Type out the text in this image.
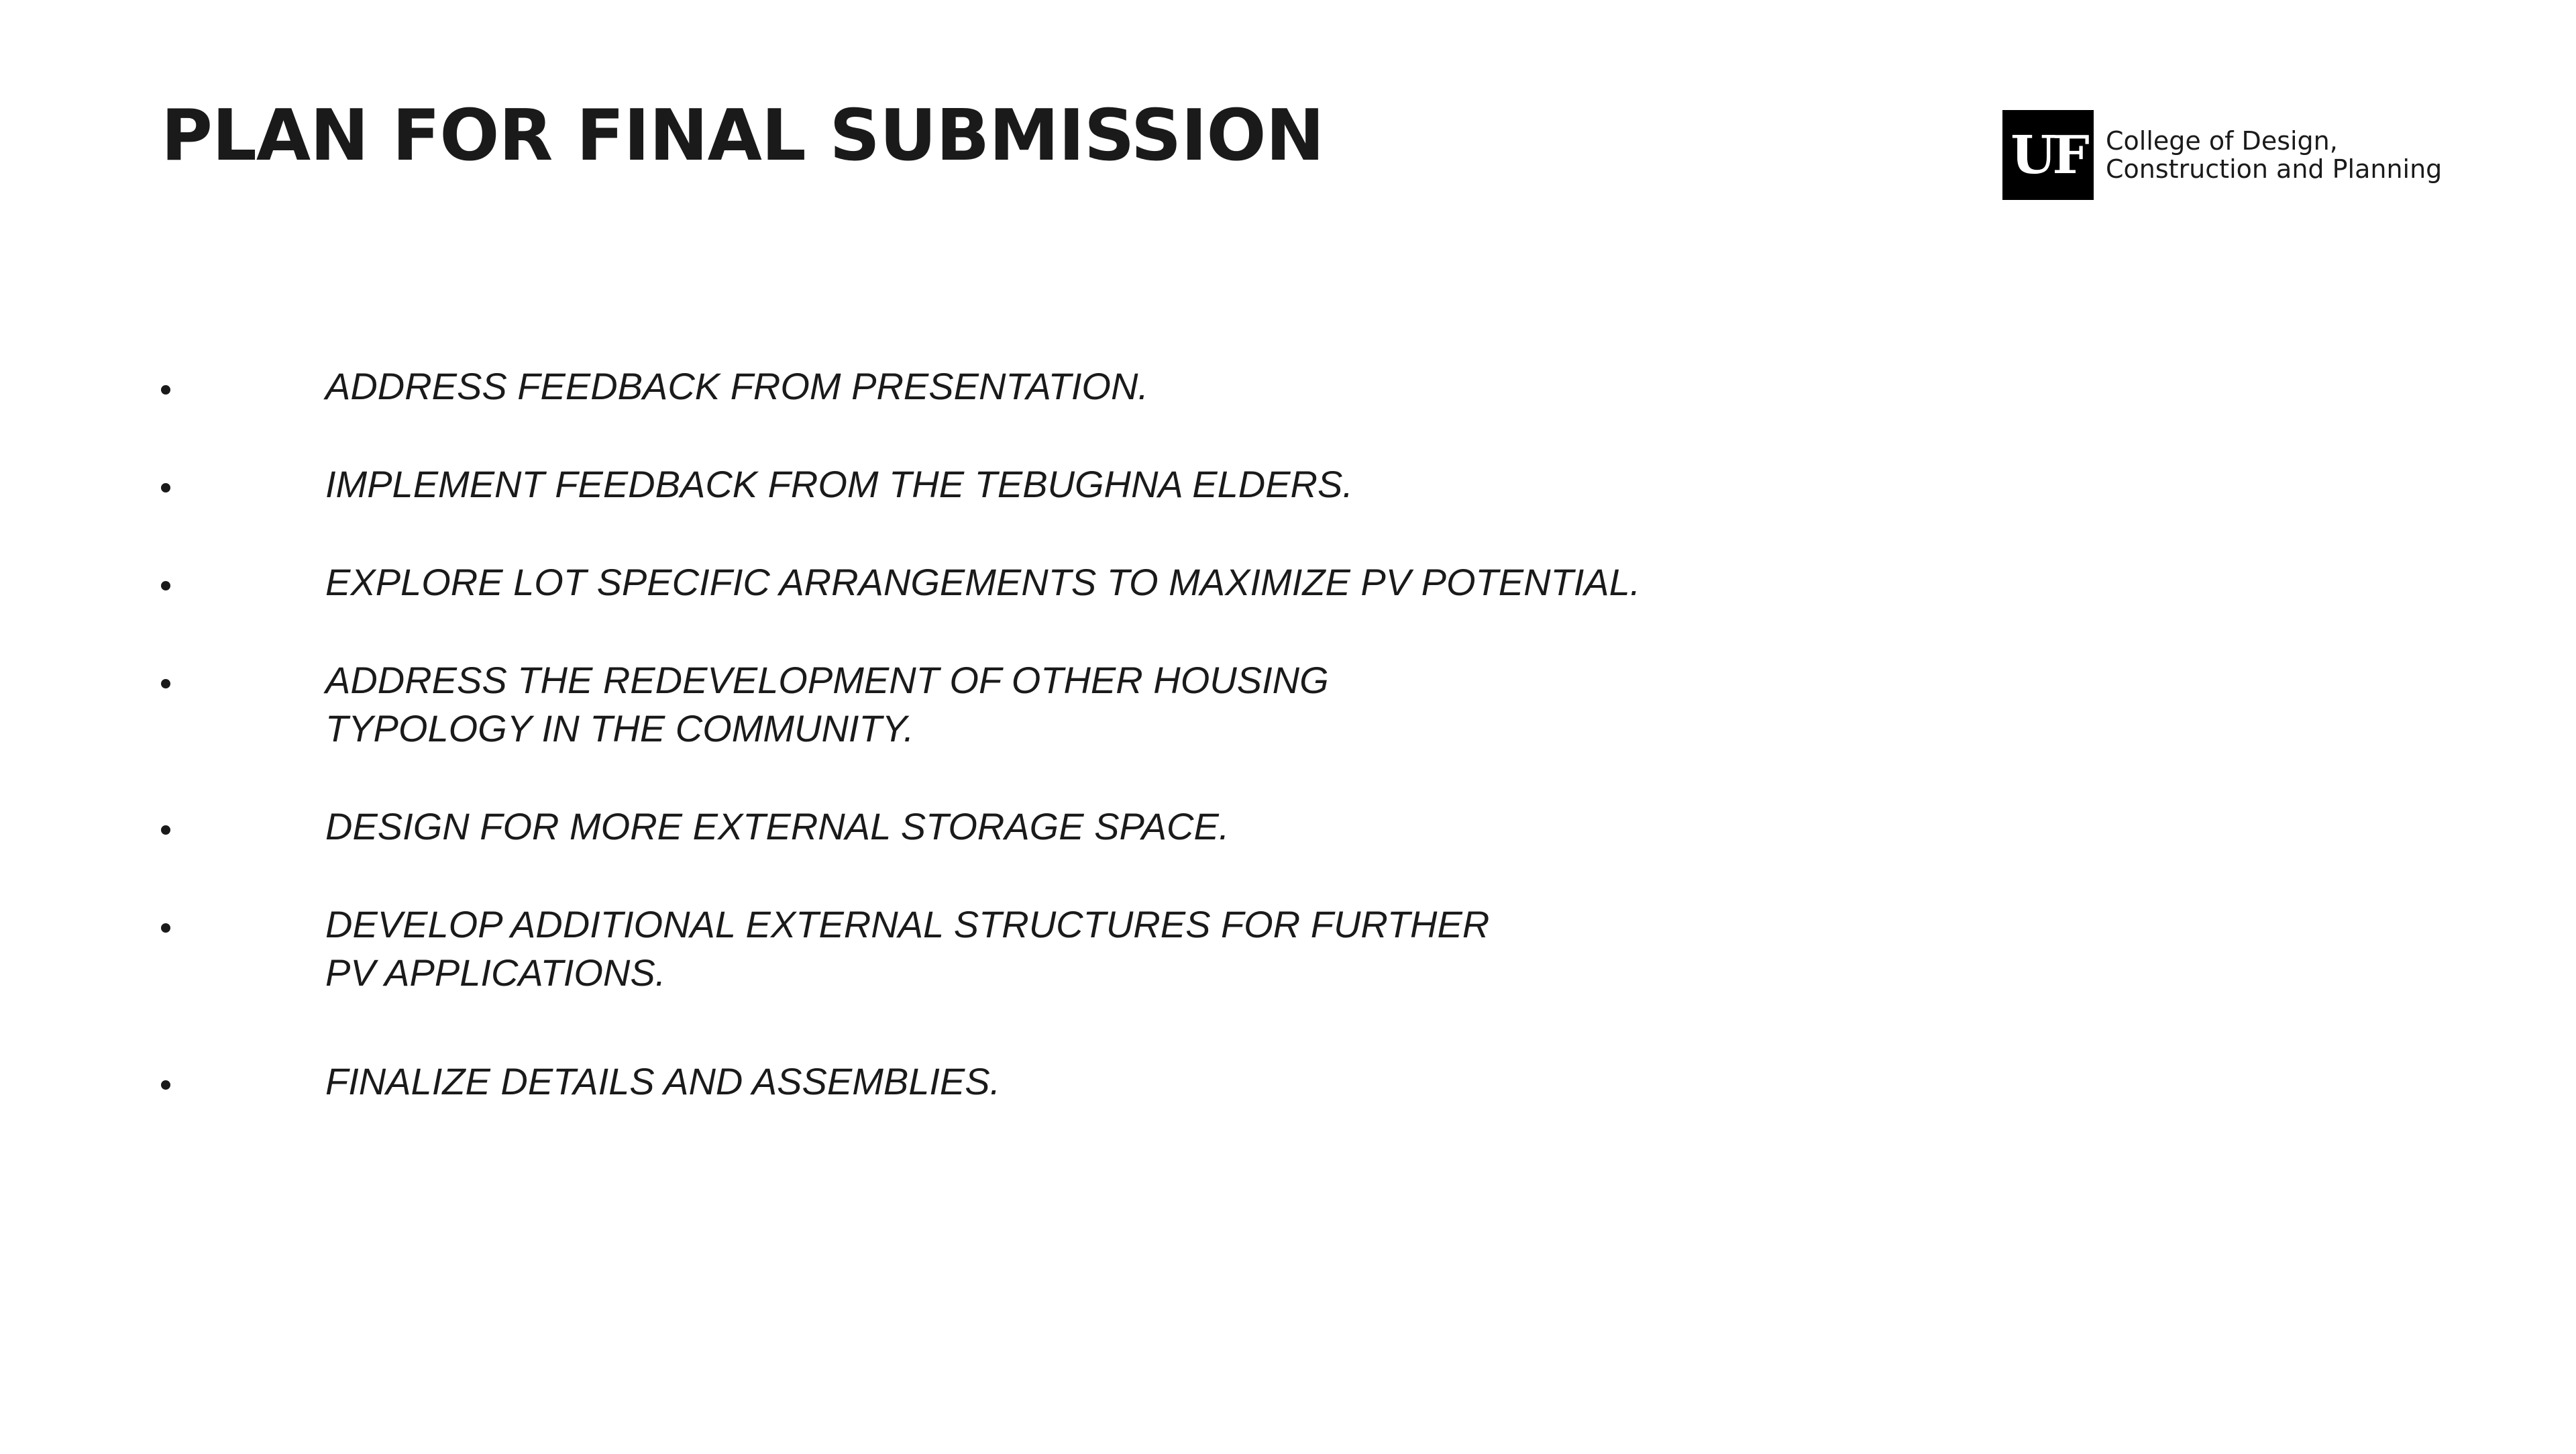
PLAN FOR FINAL SUBMISSION	UF College of Design,
Construction and Planning
ADDRESS FEEDBACK FROM PRESENTATION.
IMPLEMENT FEEDBACK FROM THE TEBUGHNA ELDERS.
EXPLORE LOT SPECIFIC ARRANGEMENTS TO MAXIMIZE PV POTENTIAL.
ADDRESS THE REDEVELOPMENT OF OTHER HOUSING
TYPOLOGY IN THE COMMUNITY.
DESIGN FOR MORE EXTERNAL STORAGE SPACE.
DEVELOP ADDITIONAL EXTERNAL STRUCTURES FOR FURTHER
PV APPLICATIONS.
FINALIZE DETAILS AND ASSEMBLIES.
